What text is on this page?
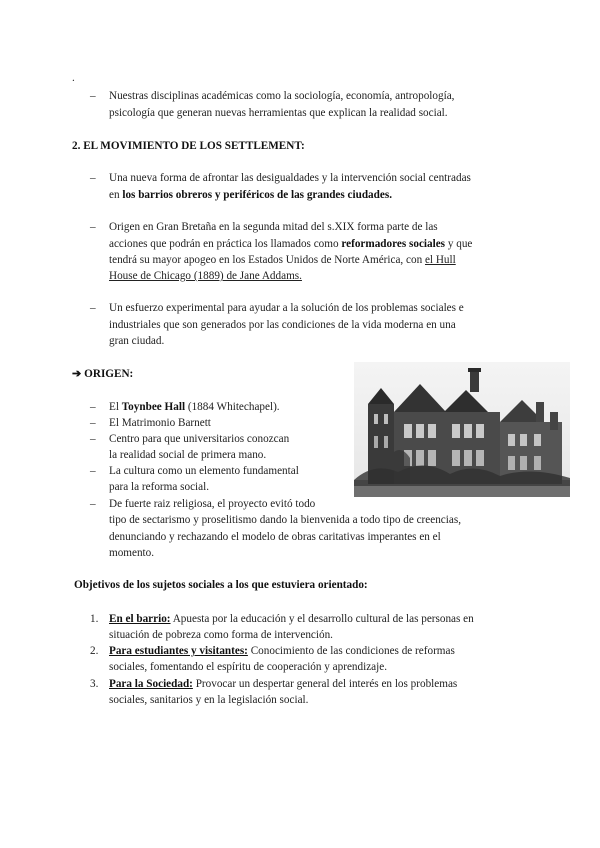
.
– Nuestras disciplinas académicas como la sociología, economía, antropología,
psicología que generan nuevas herramientas que explican la realidad social.
2. EL MOVIMIENTO DE LOS SETTLEMENT:
– Una nueva forma de afrontar las desigualdades y la intervención social centradas
en los barrios obreros y periféricos de las grandes ciudades.
– Origen en Gran Bretaña en la segunda mitad del s.XIX forma parte de las
acciones que podrán en práctica los llamados como reformadores sociales y que
tendrá su mayor apogeo en los Estados Unidos de Norte América, con el Hull
House de Chicago (1889) de Jane Addams.
– Un esfuerzo experimental para ayudar a la solución de los problemas sociales e
industriales que son generados por las condiciones de la vida moderna en una
gran ciudad.
➔ ORIGEN:
– El Toynbee Hall (1884 Whitechapel).
– El Matrimonio Barnett
– Centro para que universitarios conozcan
la realidad social de primera mano.
– La cultura como un elemento fundamental
para la reforma social.
– De fuerte raiz religiosa, el proyecto evitó todo
tipo de sectarismo y proselitismo dando la bienvenida a todo tipo de creencias,
denunciando y rechazando el modelo de obras caritativas imperantes en el
momento.
Objetivos de los sujetos sociales a los que estuviera orientado:
1. En el barrio: Apuesta por la educación y el desarrollo cultural de las personas en
situación de pobreza como forma de intervención.
2. Para estudiantes y visitantes: Conocimiento de las condiciones de reformas
sociales, fomentando el espíritu de cooperación y aprendizaje.
3. Para la Sociedad: Provocar un despertar general del interés en los problemas
sociales, sanitarios y en la legislación social.
